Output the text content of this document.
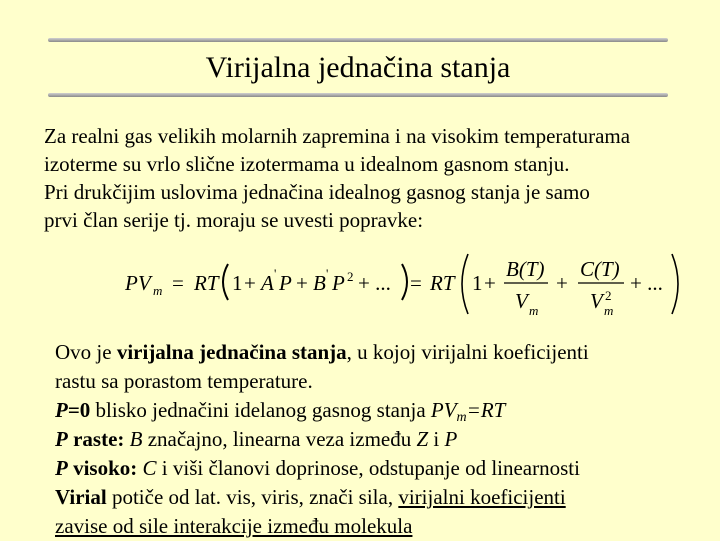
Virijalna jednačina stanja
Za realni gas velikih molarnih zapremina i na visokim temperaturama
izoterme su vrlo slične izotermama u idealnom gasnom stanju.
Pri drukčijim uslovima jednačina idealnog gasnog stanja je samo
prvi član serije tj. moraju se uvesti popravke:
P V m = RT 1 + A ' P + B ' P 2 + ... = RT 1 +
B(T)
V m
+
C(T)
V 2
m
+ ...
Ovo je virijalna jednačina stanja, u kojoj virijalni koeficijenti
rastu sa porastom temperature.
P=0 blisko jednačini idelanog gasnog stanja $PV_m=RT$
P raste: B značajno, linearna veza između Z i P
P visoko: C i viši članovi doprinose, odstupanje od linearnosti
Virial potiče od lat. vis, viris, znači sila, virijalni koeficijenti
zavise od sile interakcije između molekula
